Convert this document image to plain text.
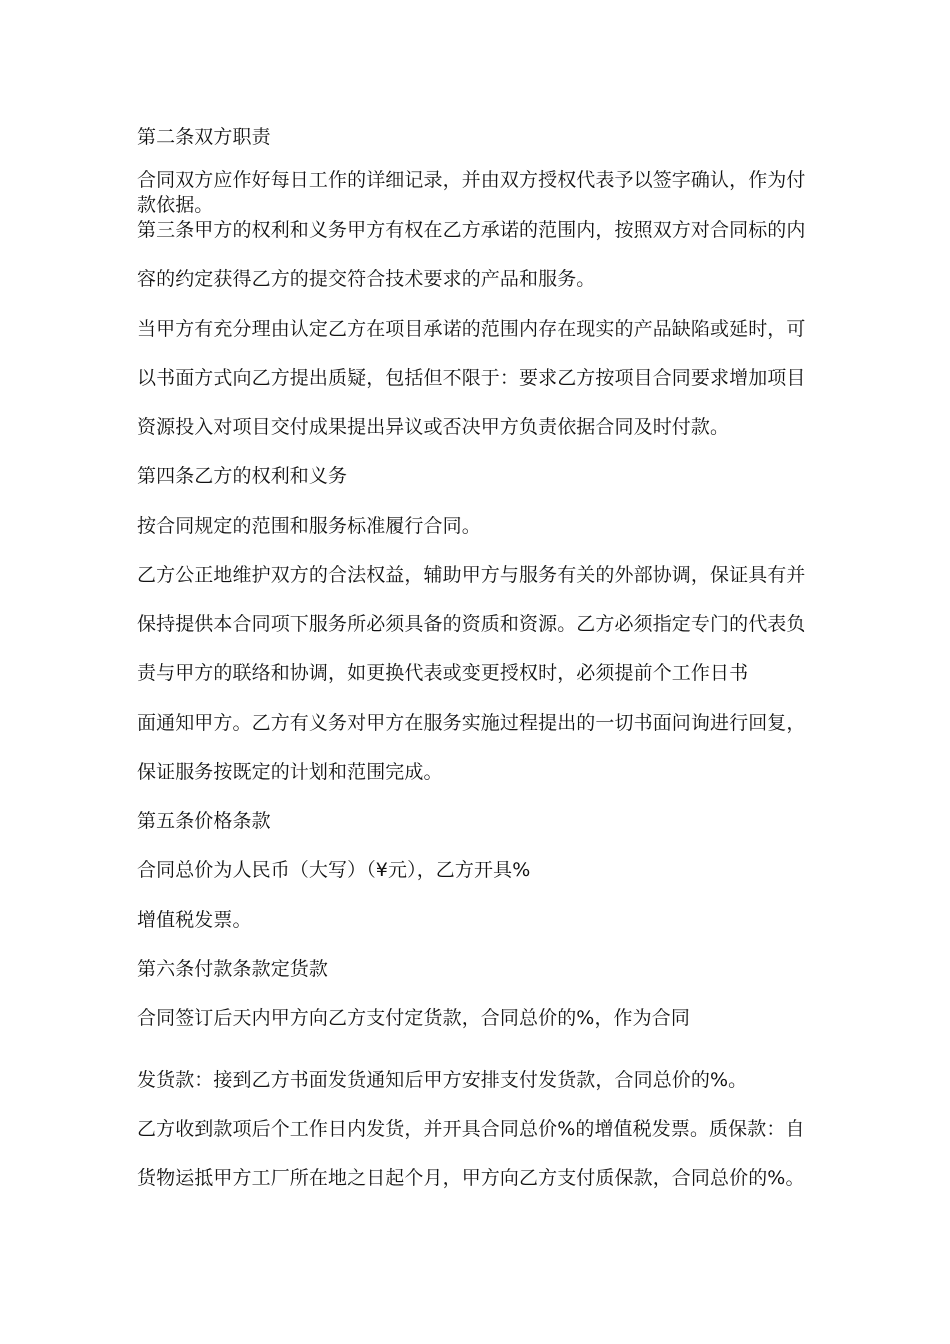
第二条双方职责
合同双方应作好每日工作的详细记录，并由双方授权代表予以签字确认，作为付
款依据。
第三条甲方的权利和义务甲方有权在乙方承诺的范围内，按照双方对合同标的内
容的约定获得乙方的提交符合技术要求的产品和服务。
当甲方有充分理由认定乙方在项目承诺的范围内存在现实的产品缺陷或延时，可
以书面方式向乙方提出质疑，包括但不限于：要求乙方按项目合同要求增加项目
资源投入对项目交付成果提出异议或否决甲方负责依据合同及时付款。
第四条乙方的权利和义务
按合同规定的范围和服务标准履行合同。
乙方公正地维护双方的合法权益，辅助甲方与服务有关的外部协调，保证具有并
保持提供本合同项下服务所必须具备的资质和资源。乙方必须指定专门的代表负
责与甲方的联络和协调，如更换代表或变更授权时，必须提前个工作日书
面通知甲方。乙方有义务对甲方在服务实施过程提出的一切书面问询进行回复，
保证服务按既定的计划和范围完成。
第五条价格条款
合同总价为人民币（大写）（¥元），乙方开具%
增值税发票。
第六条付款条款定货款
合同签订后天内甲方向乙方支付定货款，合同总价的%，作为合同
发货款：接到乙方书面发货通知后甲方安排支付发货款，合同总价的%。
乙方收到款项后个工作日内发货，并开具合同总价%的增值税发票。质保款：自
货物运抵甲方工厂所在地之日起个月，甲方向乙方支付质保款，合同总价的%。
